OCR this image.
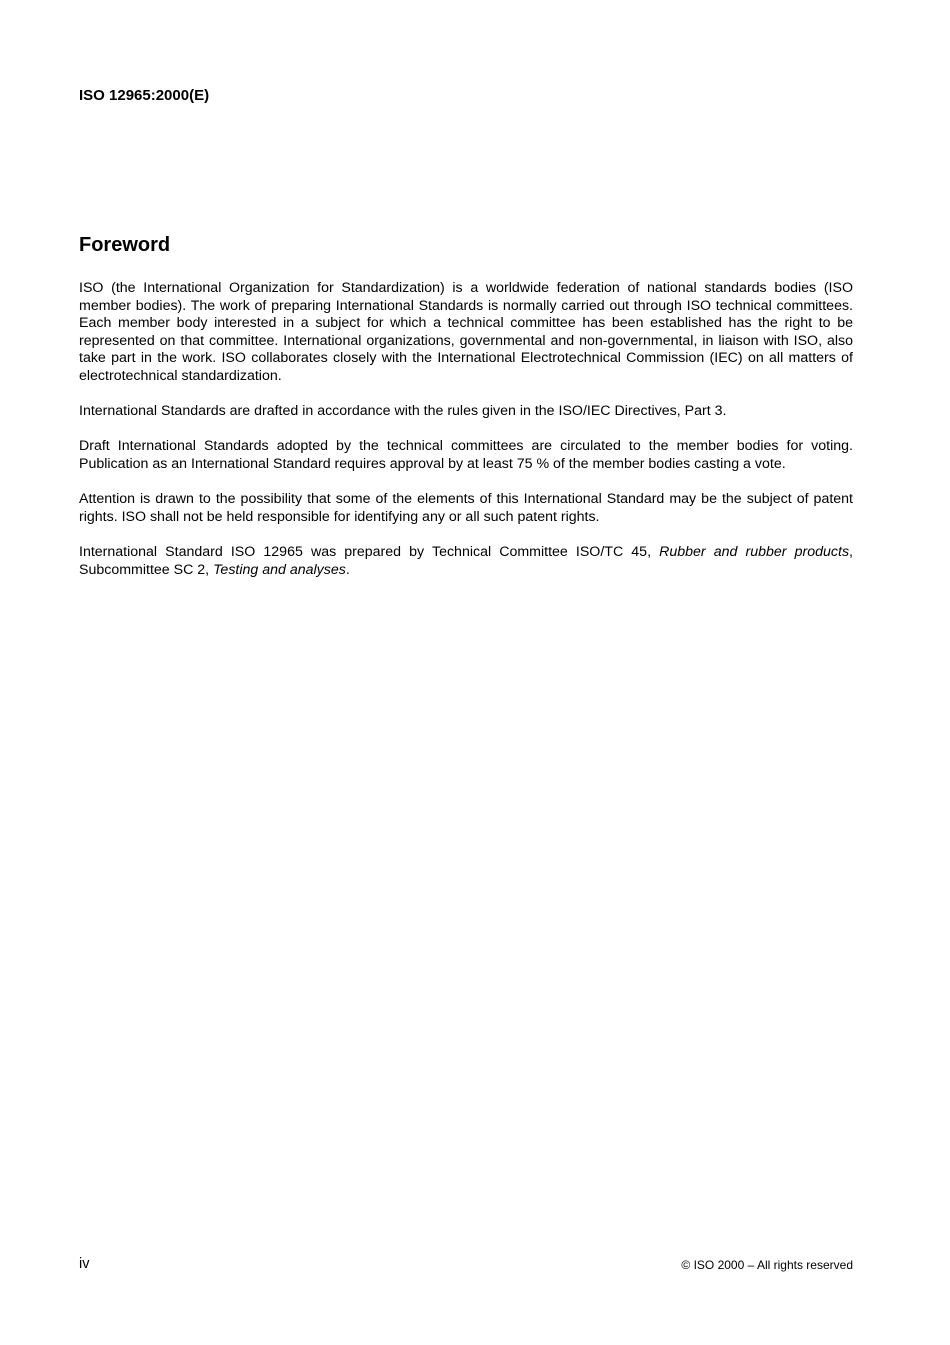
ISO 12965:2000(E)
Foreword

ISO (the International Organization for Standardization) is a worldwide federation of national standards bodies (ISO member bodies). The work of preparing International Standards is normally carried out through ISO technical committees. Each member body interested in a subject for which a technical committee has been established has the right to be represented on that committee. International organizations, governmental and non-governmental, in liaison with ISO, also take part in the work. ISO collaborates closely with the International Electrotechnical Commission (IEC) on all matters of electrotechnical standardization.

International Standards are drafted in accordance with the rules given in the ISO/IEC Directives, Part 3.

Draft International Standards adopted by the technical committees are circulated to the member bodies for voting. Publication as an International Standard requires approval by at least 75 % of the member bodies casting a vote.

Attention is drawn to the possibility that some of the elements of this International Standard may be the subject of patent rights. ISO shall not be held responsible for identifying any or all such patent rights.

International Standard ISO 12965 was prepared by Technical Committee ISO/TC 45, Rubber and rubber products, Subcommittee SC 2, Testing and analyses.

iv	© ISO 2000 – All rights reserved
